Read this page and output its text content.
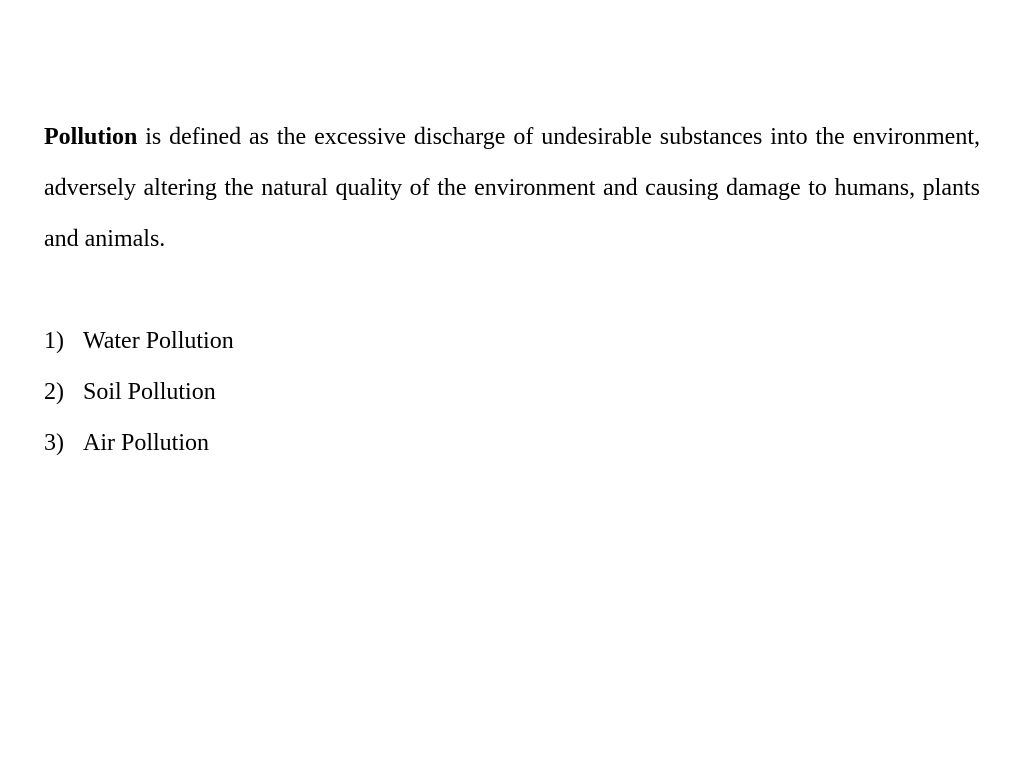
Pollution is defined as the excessive discharge of undesirable substances into the environment, adversely altering the natural quality of the environment and causing damage to humans, plants and animals.

1) Water Pollution
2) Soil Pollution
3) Air Pollution
